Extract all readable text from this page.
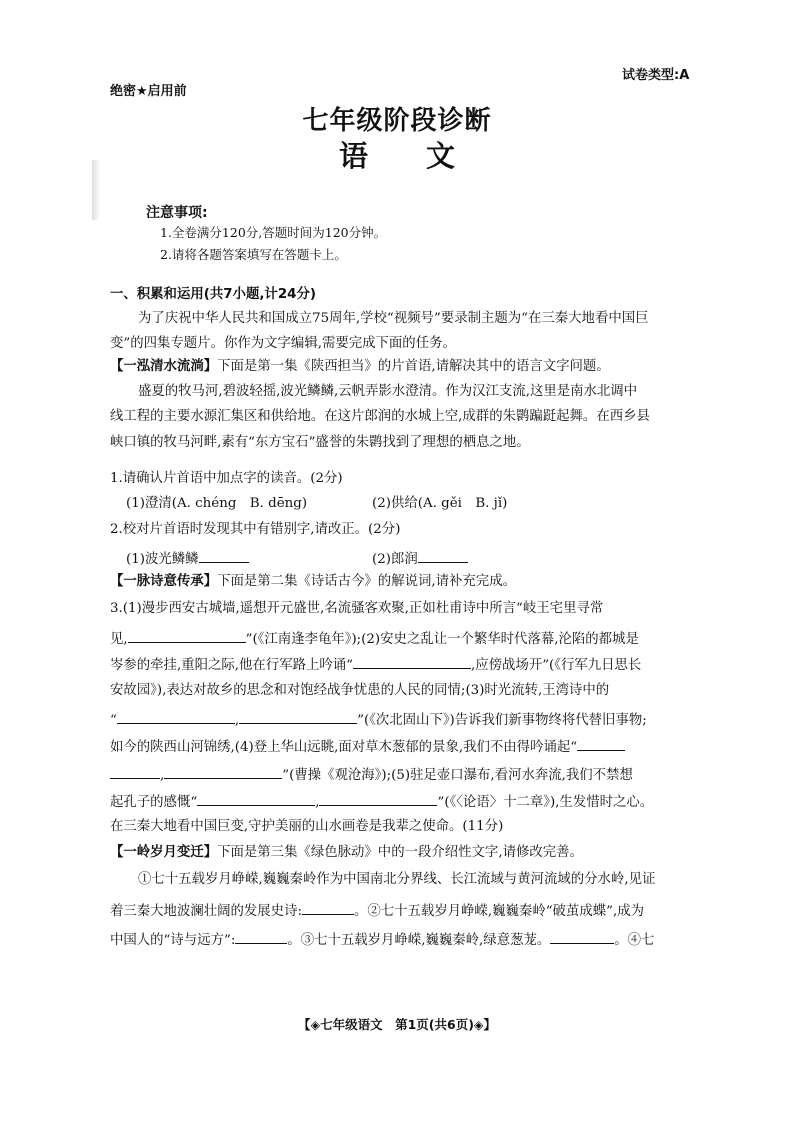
绝密★启用前
试卷类型:A
七年级阶段诊断
语　　文
注意事项:
1.全卷满分120分,答题时间为120分钟。
2.请将各题答案填写在答题卡上。
一、积累和运用(共7小题,计24分)
为了庆祝中华人民共和国成立75周年,学校“视频号”要录制主题为“在三秦大地看中国巨
变”的四集专题片。你作为文字编辑,需要完成下面的任务。
【一泓清水流淌】下面是第一集《陕西担当》的片首语,请解决其中的语言文字问题。
盛夏的牧马河,碧波轻摇,波光鳞鳞,云帆弄影水澄清。作为汉江支流,这里是南水北调中
线工程的主要水源汇集区和供给地。在这片郎润的水城上空,成群的朱鹮蹁跹起舞。在西乡县
峡口镇的牧马河畔,素有“东方宝石”盛誉的朱鹮找到了理想的栖息之地。
1.请确认片首语中加点字的读音。(2分)
(1)澄清(A. chéng　B. dēng)	(2)供给(A. gěi　B. jǐ)
2.校对片首语时发现其中有错别字,请改正。(2分)
(1)波光鳞鳞	(2)郎润
【一脉诗意传承】下面是第二集《诗话古今》的解说词,请补充完成。
3.(1)漫步西安古城墙,遥想开元盛世,名流骚客欢聚,正如杜甫诗中所言“岐王宅里寻常
见,	”(《江南逢李龟年》);(2)安史之乱让一个繁华时代落幕,沦陷的都城是
岑参的牵挂,重阳之际,他在行军路上吟诵“	,应傍战场开”(《行军九日思长
安故园》),表达对故乡的思念和对饱经战争忧患的人民的同情;(3)时光流转,王湾诗中的
“	,	”(《次北固山下》)告诉我们新事物终将代替旧事物;
如今的陕西山河锦绣,(4)登上华山远眺,面对草木葱郁的景象,我们不由得吟诵起“
,	”(曹操《观沧海》);(5)驻足壶口瀑布,看河水奔流,我们不禁想
起孔子的感慨“	,	”(《〈论语〉十二章》),生发惜时之心。
在三秦大地看中国巨变,守护美丽的山水画卷是我辈之使命。(11分)
【一岭岁月变迁】下面是第三集《绿色脉动》中的一段介绍性文字,请修改完善。
①七十五载岁月峥嵘,巍巍秦岭作为中国南北分界线、长江流域与黄河流域的分水岭,见证
着三秦大地波澜壮阔的发展史诗:	。②七十五载岁月峥嵘,巍巍秦岭“破茧成蝶”,成为
中国人的“诗与远方”:	。③七十五载岁月峥嵘,巍巍秦岭,绿意葱茏。	。④七
【◈七年级语文　第1页(共6页)◈】
